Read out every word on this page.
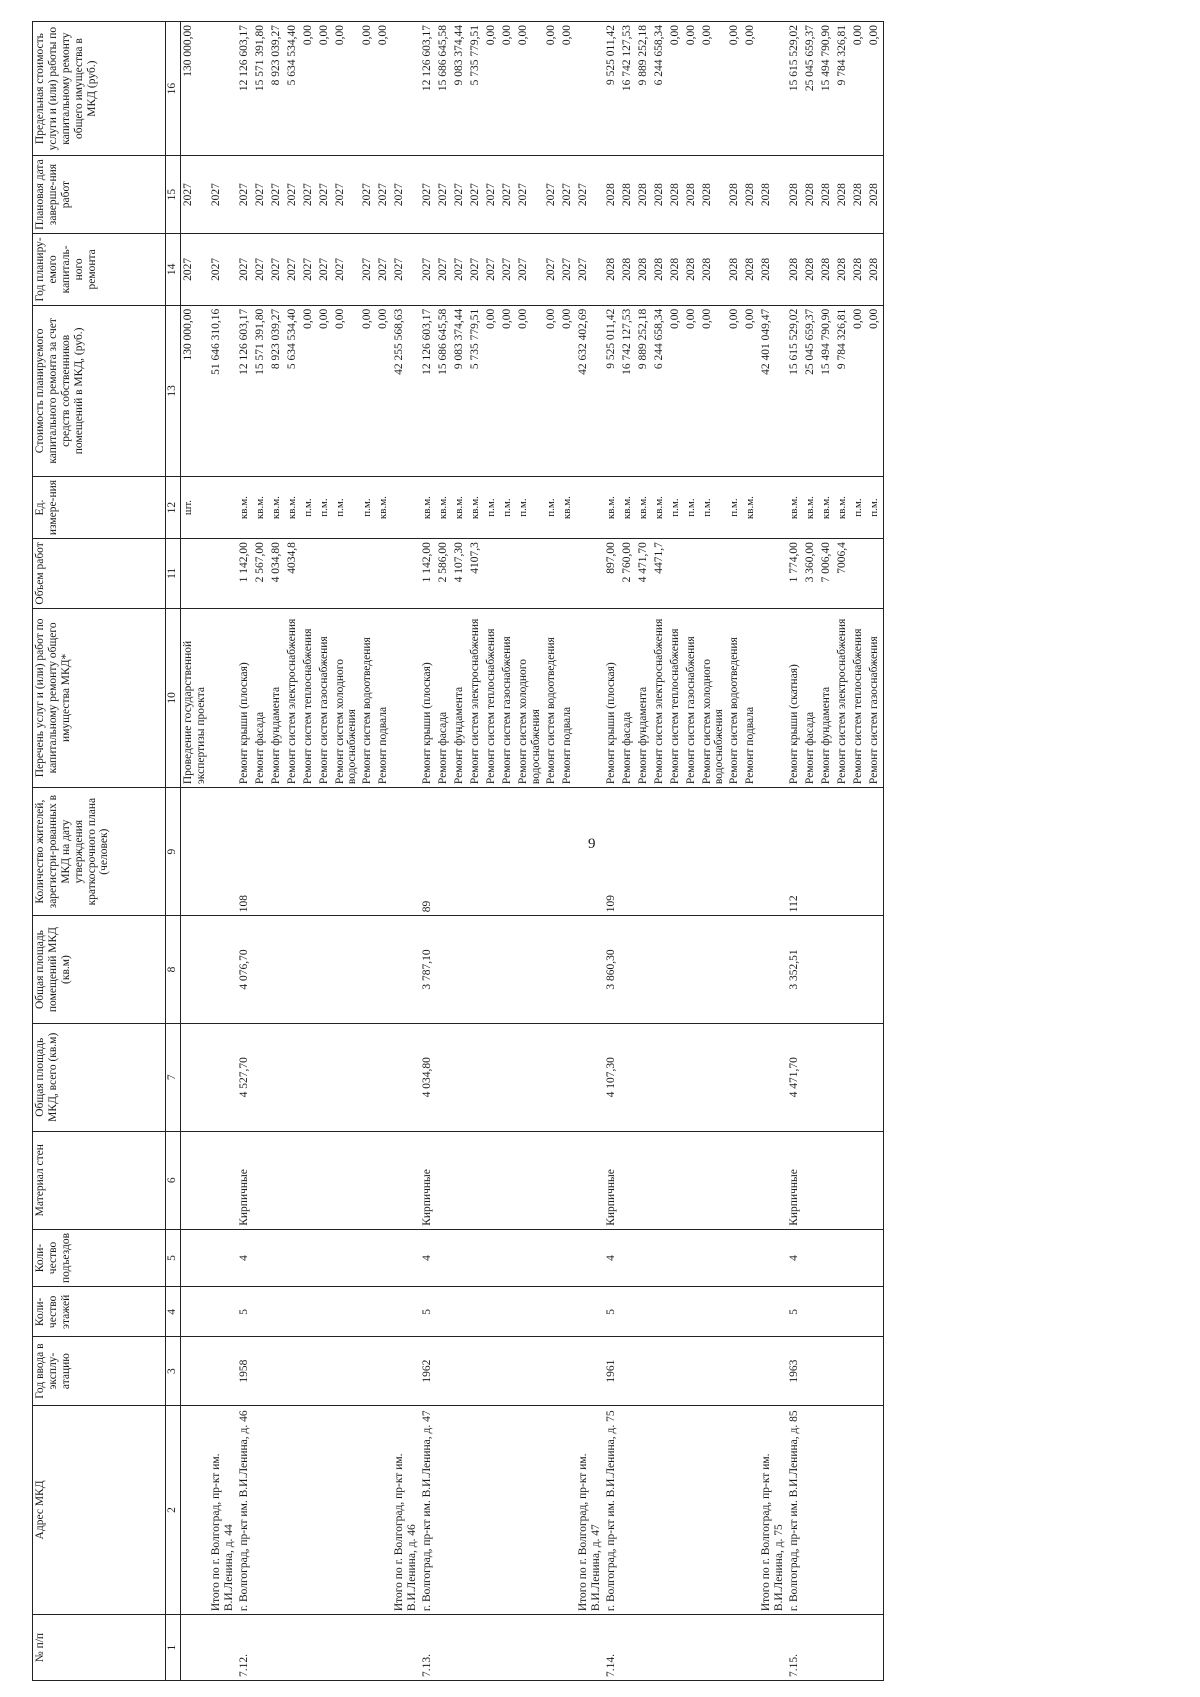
9
№ п/п	Адрес МКД	Год ввода в эксплу-атацию	Коли-чество этажей	Коли-чество подъездов	Материал стен	Общая площадь МКД, всего (кв.м)	Общая площадь помещений МКД (кв.м)	Количество жителей, зарегистри-рованных в МКД на дату утверждения краткосрочного плана (человек)	Перечень услуг и (или) работ по капитальному ремонту общего имущества МКД*	Объем работ	Ед. измере-ния	Стоимость планируемого капитального ремонта за счет средств собственников помещений в МКД, (руб.)	Год планиру-емого капиталь-ного ремонта	Плановая дата заверше-ния работ	Предельная стоимость услуги и (или) работы по капитальному ремонту общего имущества в МКД (руб.)
1	2	3	4	5	6	7	8	9	10	11	12	13	14	15	16
									Проведение государственной экспертизы проекта		шт.	130 000,00	2027	2027	130 000,00
	Итого по г. Волгоград, пр-кт им. В.И.Ленина, д. 44											51 646 310,16	2027	2027	
7.12.	г. Волгоград, пр-кт им. В.И.Ленина, д. 46	1958	5	4	Кирпичные	4 527,70	4 076,70	108	Ремонт крыши (плоская)	1 142,00	кв.м.	12 126 603,17	2027	2027	12 126 603,17
									Ремонт фасада	2 567,00	кв.м.	15 571 391,80	2027	2027	15 571 391,80
									Ремонт фундамента	4 034,80	кв.м.	8 923 039,27	2027	2027	8 923 039,27
									Ремонт систем электроснабжения	4034,8	кв.м.	5 634 534,40	2027	2027	5 634 534,40
									Ремонт систем теплоснабжения		п.м.	0,00	2027	2027	0,00
									Ремонт систем газоснабжения		п.м.	0,00	2027	2027	0,00
									Ремонт систем холодного водоснабжения		п.м.	0,00	2027	2027	0,00
									Ремонт систем водоотведения		п.м.	0,00	2027	2027	0,00
									Ремонт подвала		кв.м.	0,00	2027	2027	0,00
	Итого по г. Волгоград, пр-кт им. В.И.Ленина, д. 46											42 255 568,63	2027	2027	
7.13.	г. Волгоград, пр-кт им. В.И.Ленина, д. 47	1962	5	4	Кирпичные	4 034,80	3 787,10	89	Ремонт крыши (плоская)	1 142,00	кв.м.	12 126 603,17	2027	2027	12 126 603,17
									Ремонт фасада	2 586,00	кв.м.	15 686 645,58	2027	2027	15 686 645,58
									Ремонт фундамента	4 107,30	кв.м.	9 083 374,44	2027	2027	9 083 374,44
									Ремонт систем электроснабжения	4107,3	кв.м.	5 735 779,51	2027	2027	5 735 779,51
									Ремонт систем теплоснабжения		п.м.	0,00	2027	2027	0,00
									Ремонт систем газоснабжения		п.м.	0,00	2027	2027	0,00
									Ремонт систем холодного водоснабжения		п.м.	0,00	2027	2027	0,00
									Ремонт систем водоотведения		п.м.	0,00	2027	2027	0,00
									Ремонт подвала		кв.м.	0,00	2027	2027	0,00
	Итого по г. Волгоград, пр-кт им. В.И.Ленина, д. 47											42 632 402,69	2027	2027	
7.14.	г. Волгоград, пр-кт им. В.И.Ленина, д. 75	1961	5	4	Кирпичные	4 107,30	3 860,30	109	Ремонт крыши (плоская)	897,00	кв.м.	9 525 011,42	2028	2028	9 525 011,42
									Ремонт фасада	2 760,00	кв.м.	16 742 127,53	2028	2028	16 742 127,53
									Ремонт фундамента	4 471,70	кв.м.	9 889 252,18	2028	2028	9 889 252,18
									Ремонт систем электроснабжения	4471,7	кв.м.	6 244 658,34	2028	2028	6 244 658,34
									Ремонт систем теплоснабжения		п.м.	0,00	2028	2028	0,00
									Ремонт систем газоснабжения		п.м.	0,00	2028	2028	0,00
									Ремонт систем холодного водоснабжения		п.м.	0,00	2028	2028	0,00
									Ремонт систем водоотведения		п.м.	0,00	2028	2028	0,00
									Ремонт подвала		кв.м.	0,00	2028	2028	0,00
	Итого по г. Волгоград, пр-кт им. В.И.Ленина, д. 75											42 401 049,47	2028	2028	
7.15.	г. Волгоград, пр-кт им. В.И.Ленина, д. 85	1963	5	4	Кирпичные	4 471,70	3 352,51	112	Ремонт крыши (скатная)	1 774,00	кв.м.	15 615 529,02	2028	2028	15 615 529,02
									Ремонт фасада	3 360,00	кв.м.	25 045 659,37	2028	2028	25 045 659,37
									Ремонт фундамента	7 006,40	кв.м.	15 494 790,90	2028	2028	15 494 790,90
									Ремонт систем электроснабжения	7006,4	кв.м.	9 784 326,81	2028	2028	9 784 326,81
									Ремонт систем теплоснабжения		п.м.	0,00	2028	2028	0,00
									Ремонт систем газоснабжения		п.м.	0,00	2028	2028	0,00
